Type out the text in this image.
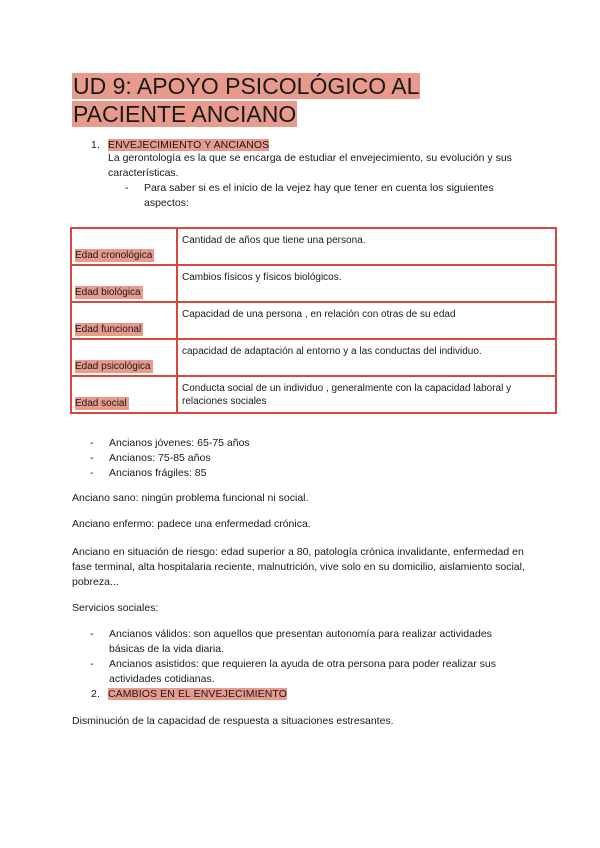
UD 9: APOYO PSICOLÓGICO AL
PACIENTE ANCIANO
1. ENVEJECIMIENTO Y ANCIANOS
La gerontología es la que se encarga de estudiar el envejecimiento, su evolución y sus características.
- Para saber si es el inicio de la vejez hay que tener en cuenta los siguientes aspectos:
Edad cronológica	Cantidad de años que tiene una persona.

Edad biológica	Cambios físicos y físicos biológicos.

Edad funcional	Capacidad de una persona , en relación con otras de su edad

Edad psicológica	capacidad de adaptación al entorno y a las conductas del individuo.

Edad social	Conducta social de un individuo , generalmente con la capacidad laboral y relaciones sociales
- Ancianos jóvenes: 65-75 años
- Ancianos: 75-85 años
- Ancianos frágiles: 85
Anciano sano: ningún problema funcional ni social.
Anciano enfermo: padece una enfermedad crónica.
Anciano en situación de riesgo: edad superior a 80, patología crónica invalidante, enfermedad en fase terminal, alta hospitalaria reciente, malnutrición, vive solo en su domicilio, aislamiento social, pobreza...
Servicios sociales:
- Ancianos válidos: son aquellos que presentan autonomía para realizar actividades básicas de la vida diaria.
- Ancianos asistidos: que requieren la ayuda de otra persona para poder realizar sus actividades cotidianas.
2. CAMBIOS EN EL ENVEJECIMIENTO
Disminución de la capacidad de respuesta a situaciones estresantes.
